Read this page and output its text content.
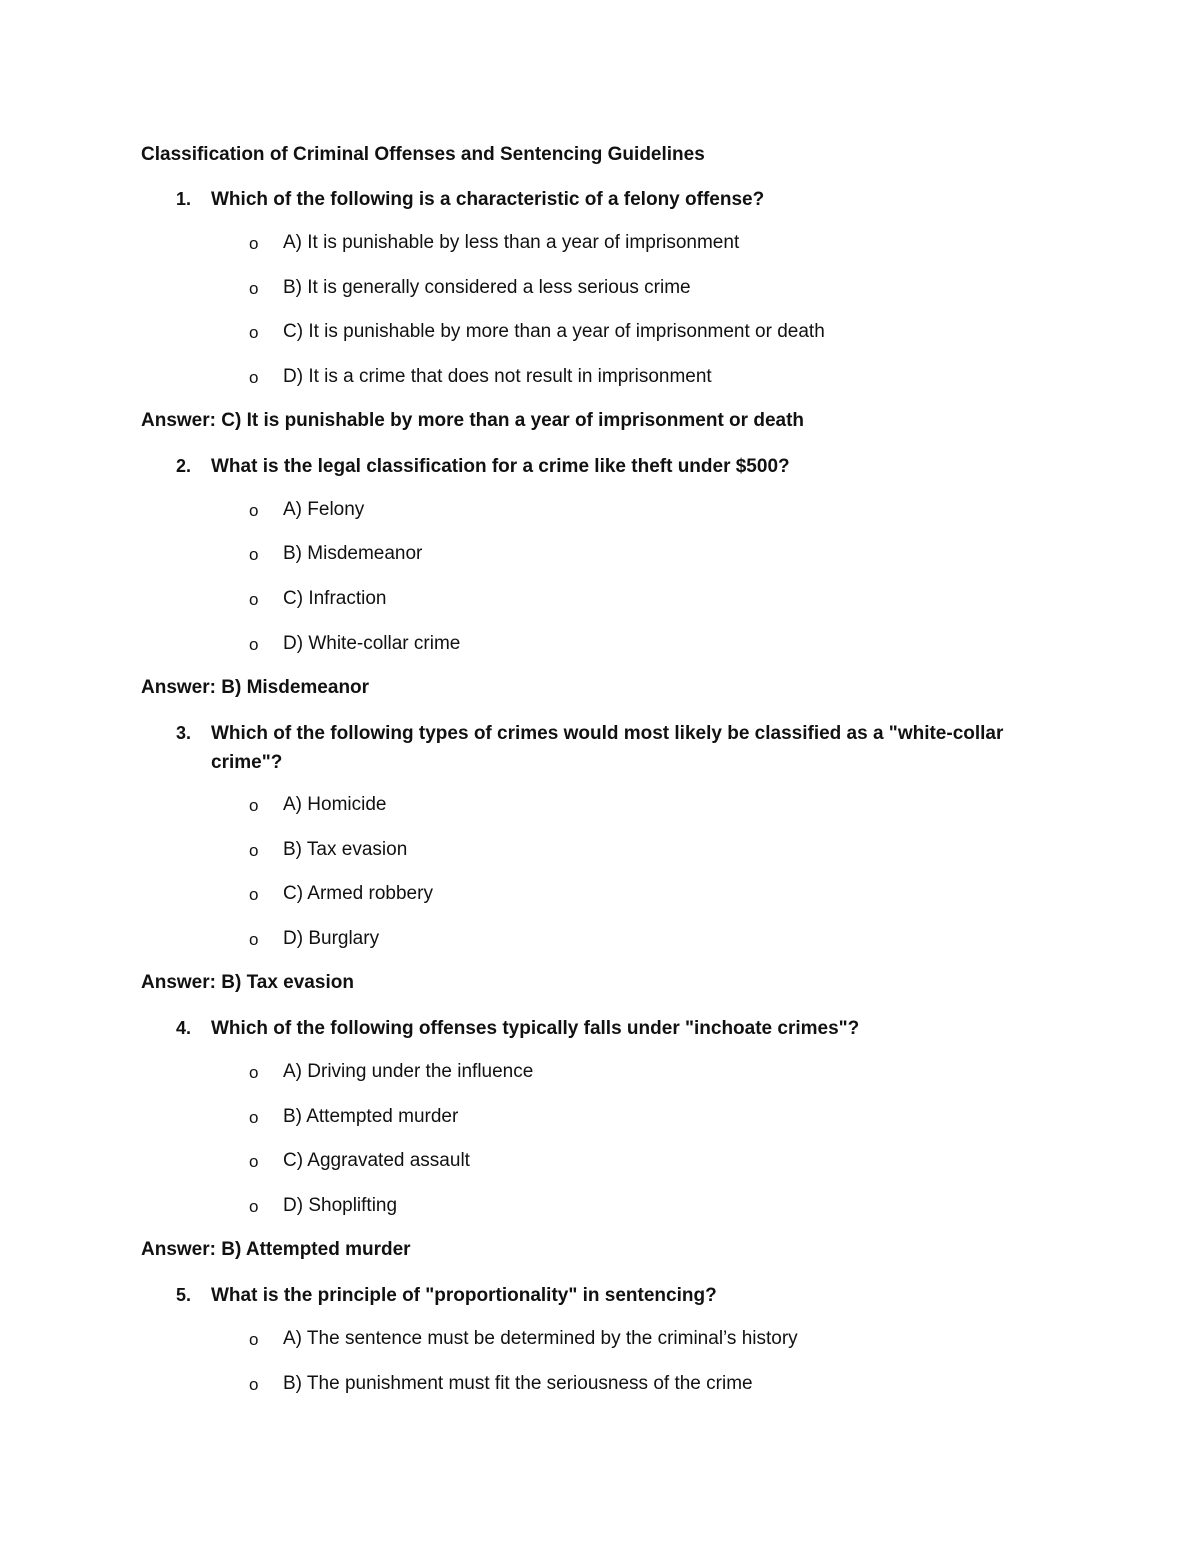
Classification of Criminal Offenses and Sentencing Guidelines
1. Which of the following is a characteristic of a felony offense?
o A) It is punishable by less than a year of imprisonment
o B) It is generally considered a less serious crime
o C) It is punishable by more than a year of imprisonment or death
o D) It is a crime that does not result in imprisonment
Answer: C) It is punishable by more than a year of imprisonment or death
2. What is the legal classification for a crime like theft under $500?
o A) Felony
o B) Misdemeanor
o C) Infraction
o D) White-collar crime
Answer: B) Misdemeanor
3. Which of the following types of crimes would most likely be classified as a "white-collar crime"?
o A) Homicide
o B) Tax evasion
o C) Armed robbery
o D) Burglary
Answer: B) Tax evasion
4. Which of the following offenses typically falls under "inchoate crimes"?
o A) Driving under the influence
o B) Attempted murder
o C) Aggravated assault
o D) Shoplifting
Answer: B) Attempted murder
5. What is the principle of "proportionality" in sentencing?
o A) The sentence must be determined by the criminal’s history
o B) The punishment must fit the seriousness of the crime
